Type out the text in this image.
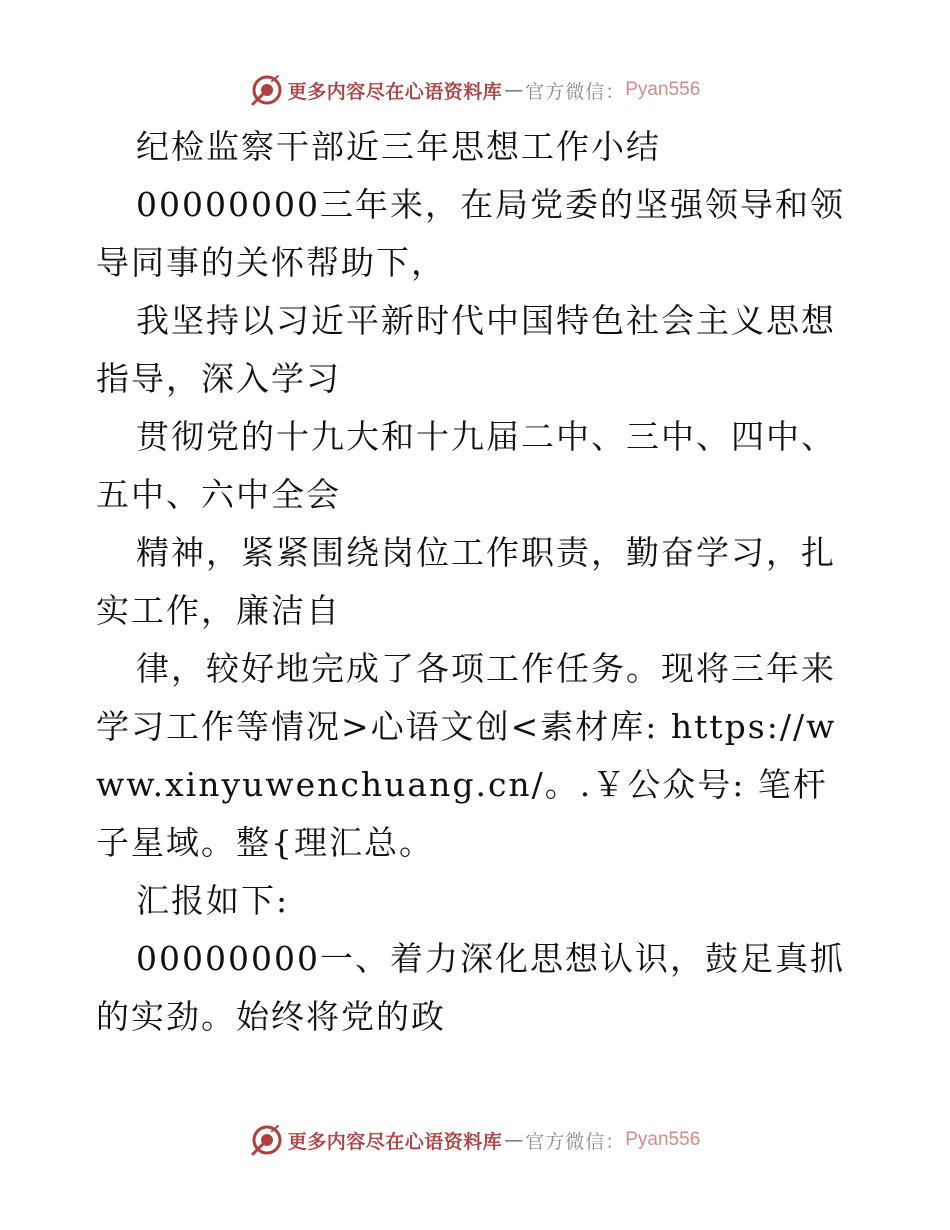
更多内容尽在心语资料库 — 官方微信： Pyan556

纪检监察干部近三年思想工作小结

00000000三年来，在局党委的坚强领导和领导同事的关怀帮助下，

我坚持以习近平新时代中国特色社会主义思想指导，深入学习

贯彻党的十九大和十九届二中、三中、四中、五中、六中全会

精神，紧紧围绕岗位工作职责，勤奋学习，扎实工作，廉洁自

律，较好地完成了各项工作任务。现将三年来学习工作等情况>心语文创<素材库: https://www.xinyuwenchuang.cn/。.￥公众号: 笔杆子星域。整{理汇总。

汇报如下:

00000000一、着力深化思想认识，鼓足真抓的实劲。始终将党的政

更多内容尽在心语资料库 — 官方微信： Pyan556
